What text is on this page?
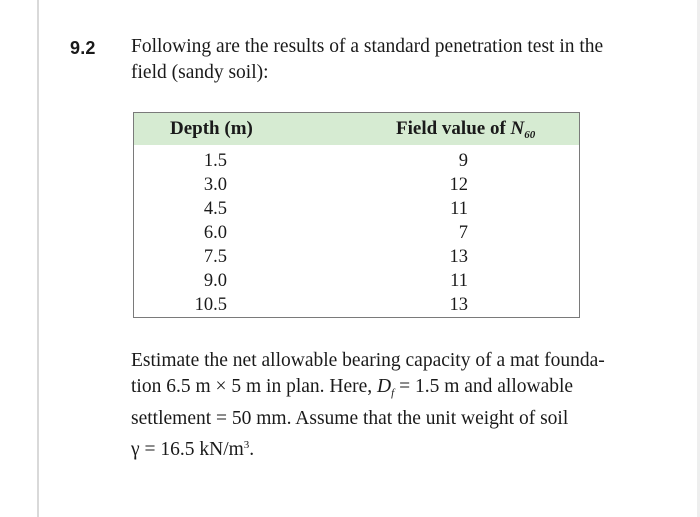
9.2 Following are the results of a standard penetration test in the
field (sandy soil):
Depth (m)	Field value of $N_{60}$
1.5	9
3.0	12
4.5	11
6.0	7
7.5	13
9.0	11
10.5	13
Estimate the net allowable bearing capacity of a mat founda-
tion 6.5 m × 5 m in plan. Here, $D_f = 1.5$ m and allowable
settlement = 50 mm. Assume that the unit weight of soil
γ = 16.5 $kN/m^3$.
